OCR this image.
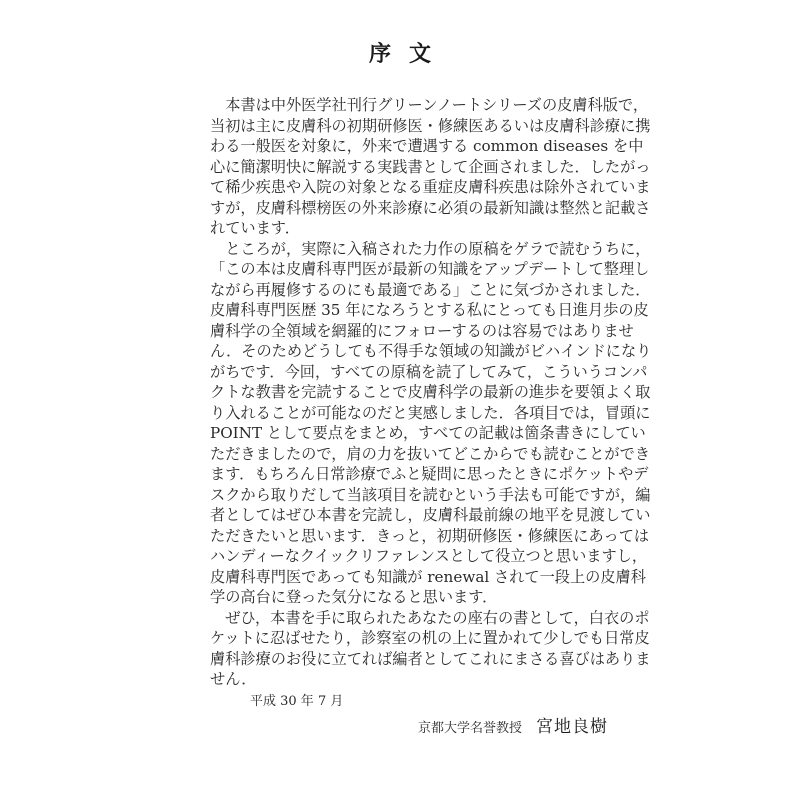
序文
　本書は中外医学社刊行グリーンノートシリーズの皮膚科版で，
当初は主に皮膚科の初期研修医・修練医あるいは皮膚科診療に携
わる一般医を対象に，外来で遭遇する common diseases を中
心に簡潔明快に解説する実践書として企画されました．したがっ
て稀少疾患や入院の対象となる重症皮膚科疾患は除外されていま
すが，皮膚科標榜医の外来診療に必須の最新知識は整然と記載さ
れています．
　ところが，実際に入稿された力作の原稿をゲラで読むうちに，
「この本は皮膚科専門医が最新の知識をアップデートして整理し
ながら再履修するのにも最適である」ことに気づかされました．
皮膚科専門医歴 35 年になろうとする私にとっても日進月歩の皮
膚科学の全領域を網羅的にフォローするのは容易ではありませ
ん．そのためどうしても不得手な領域の知識がビハインドになり
がちです．今回，すべての原稿を読了してみて，こういうコンパ
クトな教書を完読することで皮膚科学の最新の進歩を要領よく取
り入れることが可能なのだと実感しました．各項目では，冒頭に
POINT として要点をまとめ，すべての記載は箇条書きにしてい
ただきましたので，肩の力を抜いてどこからでも読むことができ
ます．もちろん日常診療でふと疑問に思ったときにポケットやデ
スクから取りだして当該項目を読むという手法も可能ですが，編
者としてはぜひ本書を完読し，皮膚科最前線の地平を見渡してい
ただきたいと思います．きっと，初期研修医・修練医にあっては
ハンディーなクイックリファレンスとして役立つと思いますし，
皮膚科専門医であっても知識が renewal されて一段上の皮膚科
学の高台に登った気分になると思います．
　ぜひ，本書を手に取られたあなたの座右の書として，白衣のポ
ケットに忍ばせたり，診察室の机の上に置かれて少しでも日常皮
膚科診療のお役に立てれば編者としてこれにまさる喜びはありま
せん．
平成 30 年 7 月
京都大学名誉教授 宮地良樹
